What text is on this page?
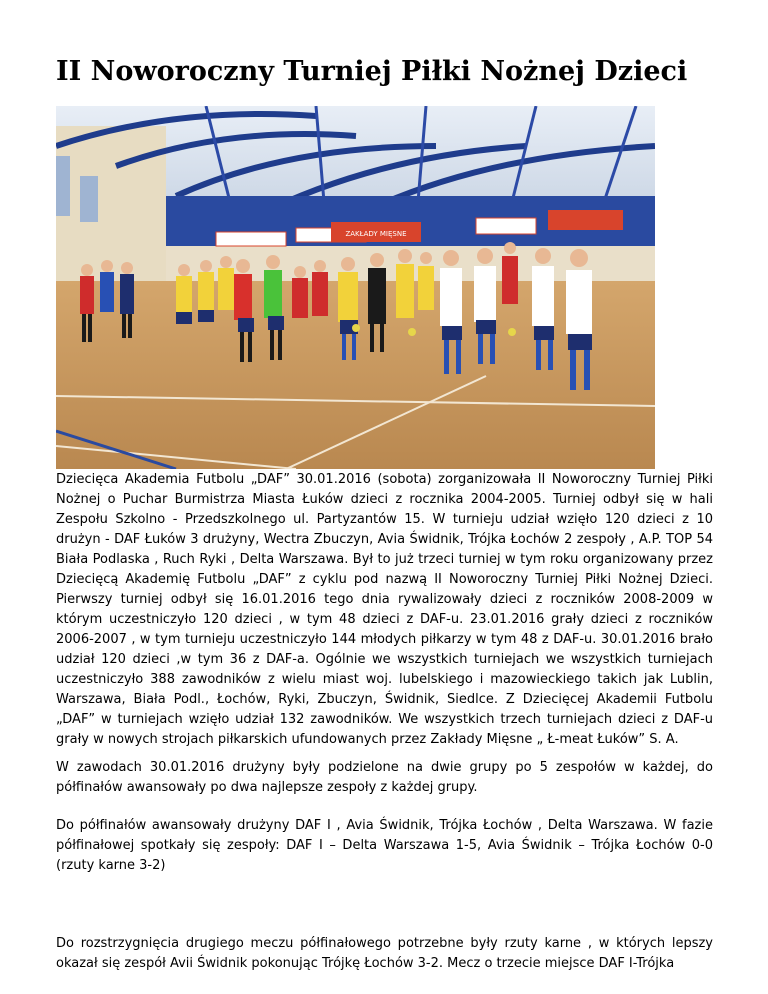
II Noworoczny Turniej Piłki Nożnej Dzieci
ZAKŁADY MIĘSNE

Dziecięca Akademia Futbolu „DAF” 30.01.2016 (sobota) zorganizowała II Noworoczny Turniej Piłki Nożnej o Puchar Burmistrza Miasta Łuków dzieci z rocznika 2004-2005. Turniej odbył się w hali Zespołu Szkolno - Przedszkolnego ul. Partyzantów 15. W turnieju udział wzięło 120 dzieci z 10 drużyn - DAF Łuków 3 drużyny, Wectra Zbuczyn, Avia Świdnik, Trójka Łochów 2 zespoły , A.P. TOP 54 Biała Podlaska , Ruch Ryki , Delta Warszawa. Był to już trzeci turniej w tym roku organizowany przez Dziecięcą Akademię Futbolu „DAF” z cyklu pod nazwą II Noworoczny Turniej Piłki Nożnej Dzieci. Pierwszy turniej odbył się 16.01.2016 tego dnia rywalizowały dzieci z roczników 2008-2009 w którym uczestniczyło 120 dzieci , w tym 48 dzieci z DAF-u. 23.01.2016 grały dzieci z roczników 2006-2007 , w tym turnieju uczestniczyło 144 młodych piłkarzy w tym 48 z DAF-u. 30.01.2016 brało udział 120 dzieci ,w tym 36 z DAF-a. Ogólnie we wszystkich turniejach we wszystkich turniejach uczestniczyło 388 zawodników z wielu miast woj. lubelskiego i mazowieckiego takich jak Lublin, Warszawa, Biała Podl., Łochów, Ryki, Zbuczyn, Świdnik, Siedlce. Z Dziecięcej Akademii Futbolu „DAF” w turniejach wzięło udział 132 zawodników. We wszystkich trzech turniejach dzieci z DAF-u grały w nowych strojach piłkarskich ufundowanych przez Zakłady Mięsne „ Ł-meat Łuków” S. A.

W zawodach 30.01.2016 drużyny były podzielone na dwie grupy po 5 zespołów w każdej, do półfinałów awansowały po dwa najlepsze zespoły z każdej grupy.

Do półfinałów awansowały drużyny DAF I , Avia Świdnik, Trójka Łochów , Delta Warszawa. W fazie półfinałowej spotkały się zespoły: DAF I – Delta Warszawa 1-5, Avia Świdnik – Trójka Łochów 0-0 (rzuty karne 3-2)

Do rozstrzygnięcia drugiego meczu półfinałowego potrzebne były rzuty karne , w których lepszy okazał się zespół Avii Świdnik pokonując Trójkę Łochów 3-2. Mecz o trzecie miejsce DAF I-Trójka
